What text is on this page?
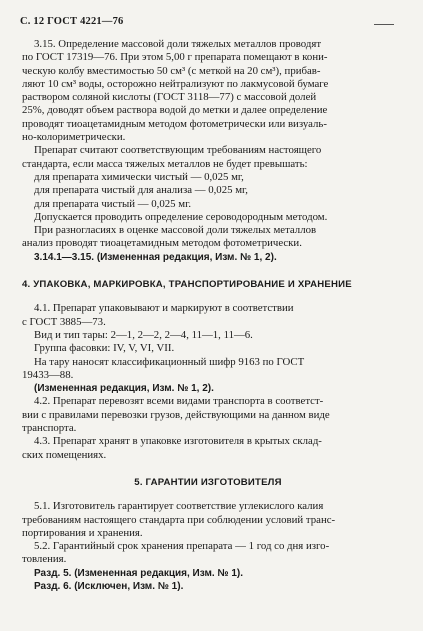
С. 12 ГОСТ 4221—76

3.15. Определение массовой доли тяжелых металлов проводят

по ГОСТ 17319—76. При этом 5,00 г препарата помещают в кони-

ческую колбу вместимостью 50 см³ (с меткой на 20 см³), прибав-

ляют 10 см³ воды, осторожно нейтрализуют по лакмусовой бумаге

раствором соляной кислоты (ГОСТ 3118—77) с массовой долей

25%, доводят объем раствора водой до метки и далее определение

проводят тиоацетамидным методом фотометрически или визуаль-

но-колориметрически.

Препарат считают соответствующим требованиям настоящего

стандарта, если масса тяжелых металлов не будет превышать:

для препарата химически чистый — 0,025 мг,

для препарата чистый для анализа — 0,025 мг,

для препарата чистый — 0,025 мг.

Допускается проводить определение сероводородным методом.

При разногласиях в оценке массовой доли тяжелых металлов

анализ проводят тиоацетамидным методом фотометрически.

3.14.1—3.15. (Измененная редакция, Изм. № 1, 2).

4. УПАКОВКА, МАРКИРОВКА, ТРАНСПОРТИРОВАНИЕ И ХРАНЕНИЕ

4.1. Препарат упаковывают и маркируют в соответствии

с ГОСТ 3885—73.

Вид и тип тары: 2—1, 2—2, 2—4, 11—1, 11—6.

Группа фасовки: IV, V, VI, VII.

На тару наносят классификационный шифр 9163 по ГОСТ

19433—88.

(Измененная редакция, Изм. № 1, 2).

4.2. Препарат перевозят всеми видами транспорта в соответст-

вии с правилами перевозки грузов, действующими на данном виде

транспорта.

4.3. Препарат хранят в упаковке изготовителя в крытых склад-

ских помещениях.

5. ГАРАНТИИ ИЗГОТОВИТЕЛЯ

5.1. Изготовитель гарантирует соответствие углекислого калия

требованиям настоящего стандарта при соблюдении условий транс-

портирования и хранения.

5.2. Гарантийный срок хранения препарата — 1 год со дня изго-

товления.

Разд. 5. (Измененная редакция, Изм. № 1).

Разд. 6. (Исключен, Изм. № 1).
